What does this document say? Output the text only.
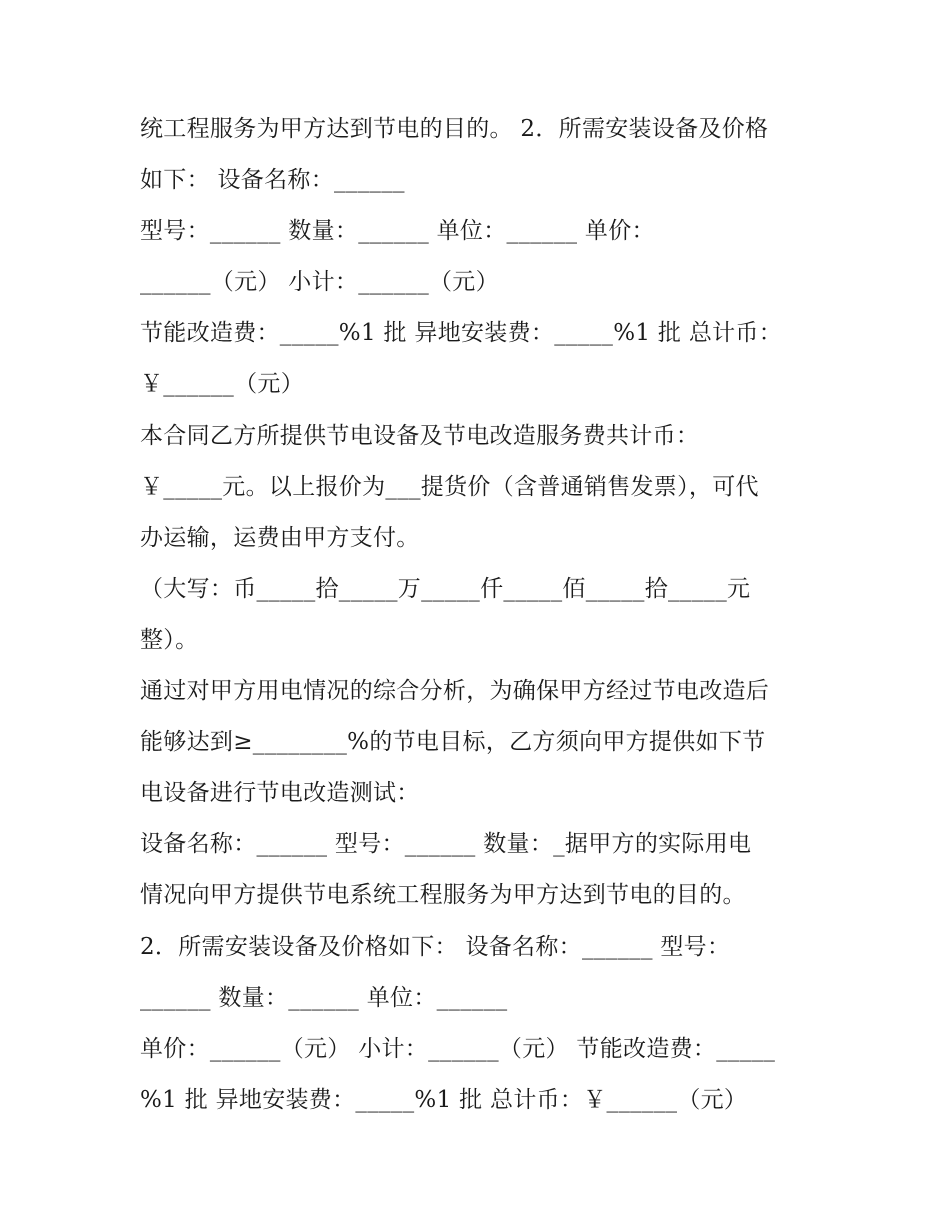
统工程服务为甲方达到节电的目的。 2．所需安装设备及价格
如下： 设备名称：______
型号：______ 数量：______ 单位：______ 单价：
______（元） 小计：______（元）
节能改造费：_____%1 批 异地安装费：_____%1 批 总计币：
￥______（元）
本合同乙方所提供节电设备及节电改造服务费共计币：
￥_____元。以上报价为___提货价（含普通销售发票），可代
办运输，运费由甲方支付。
（大写：币_____拾_____万_____仟_____佰_____拾_____元
整）。
通过对甲方用电情况的综合分析，为确保甲方经过节电改造后
能够达到≥________%的节电目标，乙方须向甲方提供如下节
电设备进行节电改造测试：
设备名称：______ 型号：______ 数量：_据甲方的实际用电
情况向甲方提供节电系统工程服务为甲方达到节电的目的。
2．所需安装设备及价格如下： 设备名称：______ 型号：
______ 数量：______ 单位：______
单价：______（元） 小计：______（元） 节能改造费：_____
%1 批 异地安装费：_____%1 批 总计币：￥______（元）
